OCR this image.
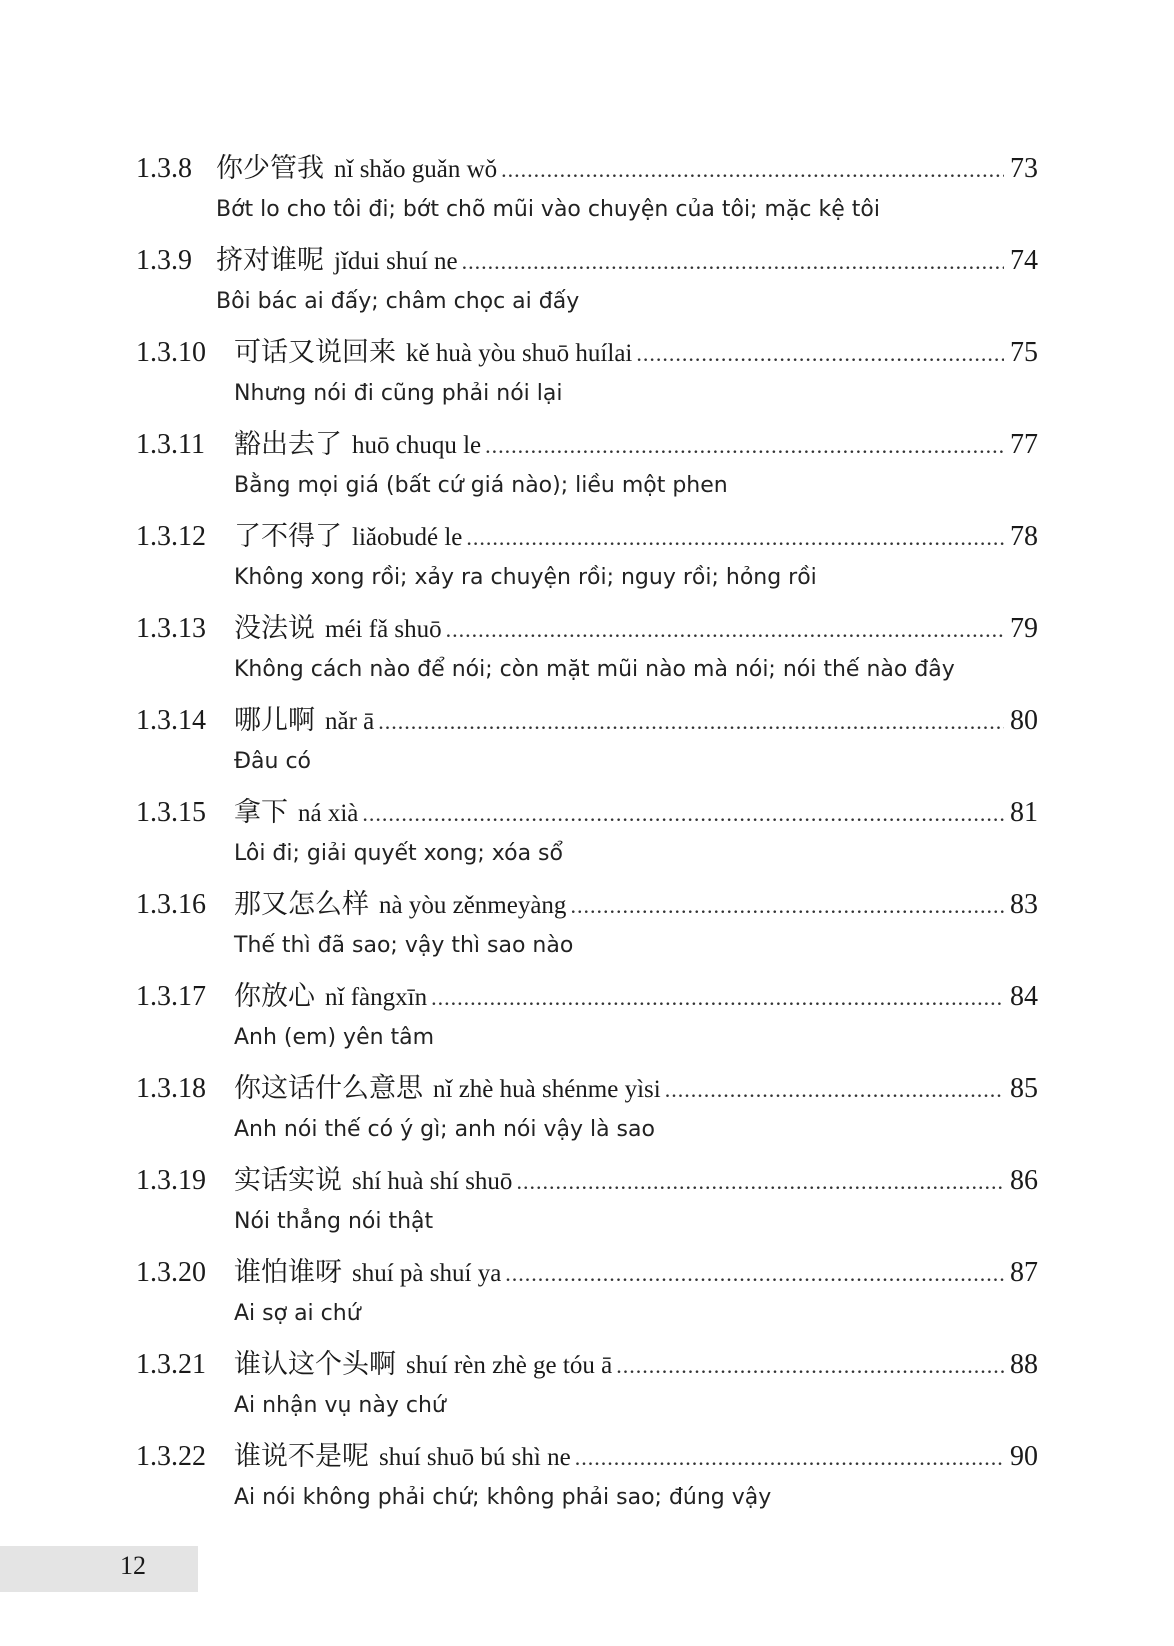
1.3.8 你少管我 nǐ shǎo guǎn wǒ .....	73
Bớt lo cho tôi đi; bớt chõ mũi vào chuyện của tôi; mặc kệ tôi
1.3.9 挤对谁呢 jǐdui shuí ne .....	74
Bôi bác ai đấy; châm chọc ai đấy
1.3.10	可话又说回来 kě huà yòu shuō huílai .....	75
Nhưng nói đi cũng phải nói lại
1.3.11	豁出去了 huō chuqu le .....	77
Bằng mọi giá (bất cứ giá nào); liều một phen
1.3.12	了不得了 liǎobudé le .....	78
Không xong rồi; xảy ra chuyện rồi; nguy rồi; hỏng rồi
1.3.13	没法说 méi fǎ shuō .....	79
Không cách nào để nói; còn mặt mũi nào mà nói; nói thế nào đây
1.3.14	哪儿啊 nǎr ā .....	80
Đâu có
1.3.15	拿下 ná xià .....	81
Lôi đi; giải quyết xong; xóa sổ
1.3.16	那又怎么样 nà yòu zěnmeyàng .....	83
Thế thì đã sao; vậy thì sao nào
1.3.17	你放心 nǐ fàngxīn .....	84
Anh (em) yên tâm
1.3.18	你这话什么意思 nǐ zhè huà shénme yìsi .....	85
Anh nói thế có ý gì; anh nói vậy là sao
1.3.19	实话实说 shí huà shí shuō .....	86
Nói thẳng nói thật
1.3.20	谁怕谁呀 shuí pà shuí ya .....	87
Ai sợ ai chứ
1.3.21	谁认这个头啊 shuí rèn zhè ge tóu ā .....	88
Ai nhận vụ này chứ
1.3.22	谁说不是呢 shuí shuō bú shì ne .....	90
Ai nói không phải chứ; không phải sao; đúng vậy
12
